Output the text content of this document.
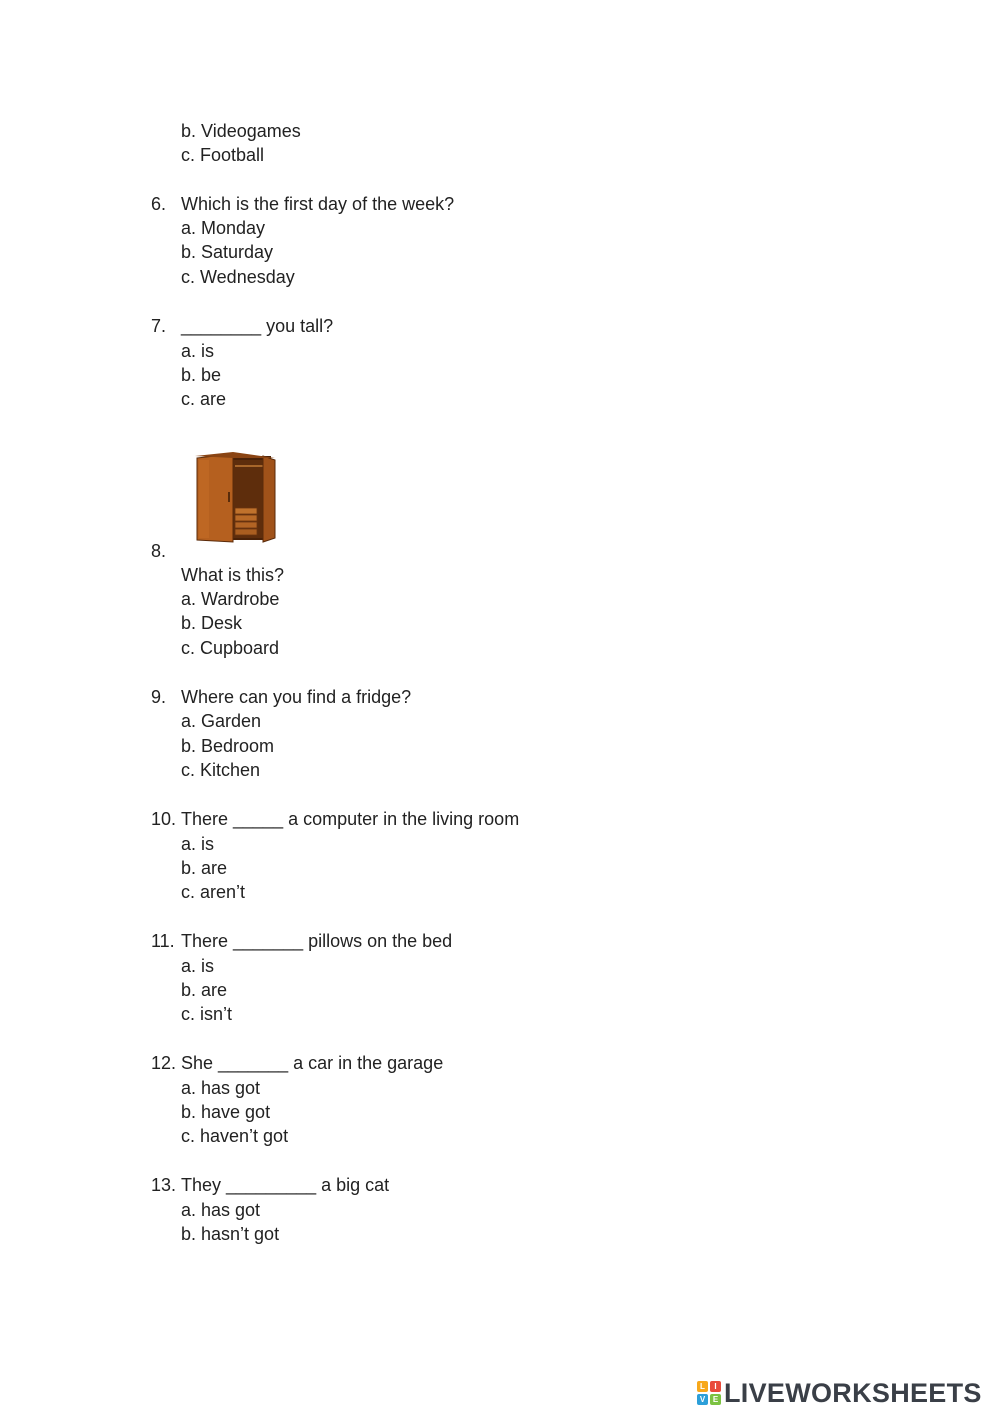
b. Videogames
c. Football
6. Which is the first day of the week?
a. Monday
b. Saturday
c. Wednesday
7. ________ you tall?
a. is
b. be
c. are
8.
What is this?
a. Wardrobe
b. Desk
c. Cupboard
9. Where can you find a fridge?
a. Garden
b. Bedroom
c. Kitchen
10. There _____ a computer in the living room
a. is
b. are
c. aren’t
11. There _______ pillows on the bed
a. is
b. are
c. isn’t
12. She _______ a car in the garage
a. has got
b. have got
c. haven’t got
13. They _________ a big cat
a. has got
b. hasn’t got
L	I
V E LIVEWORKSHEETS
